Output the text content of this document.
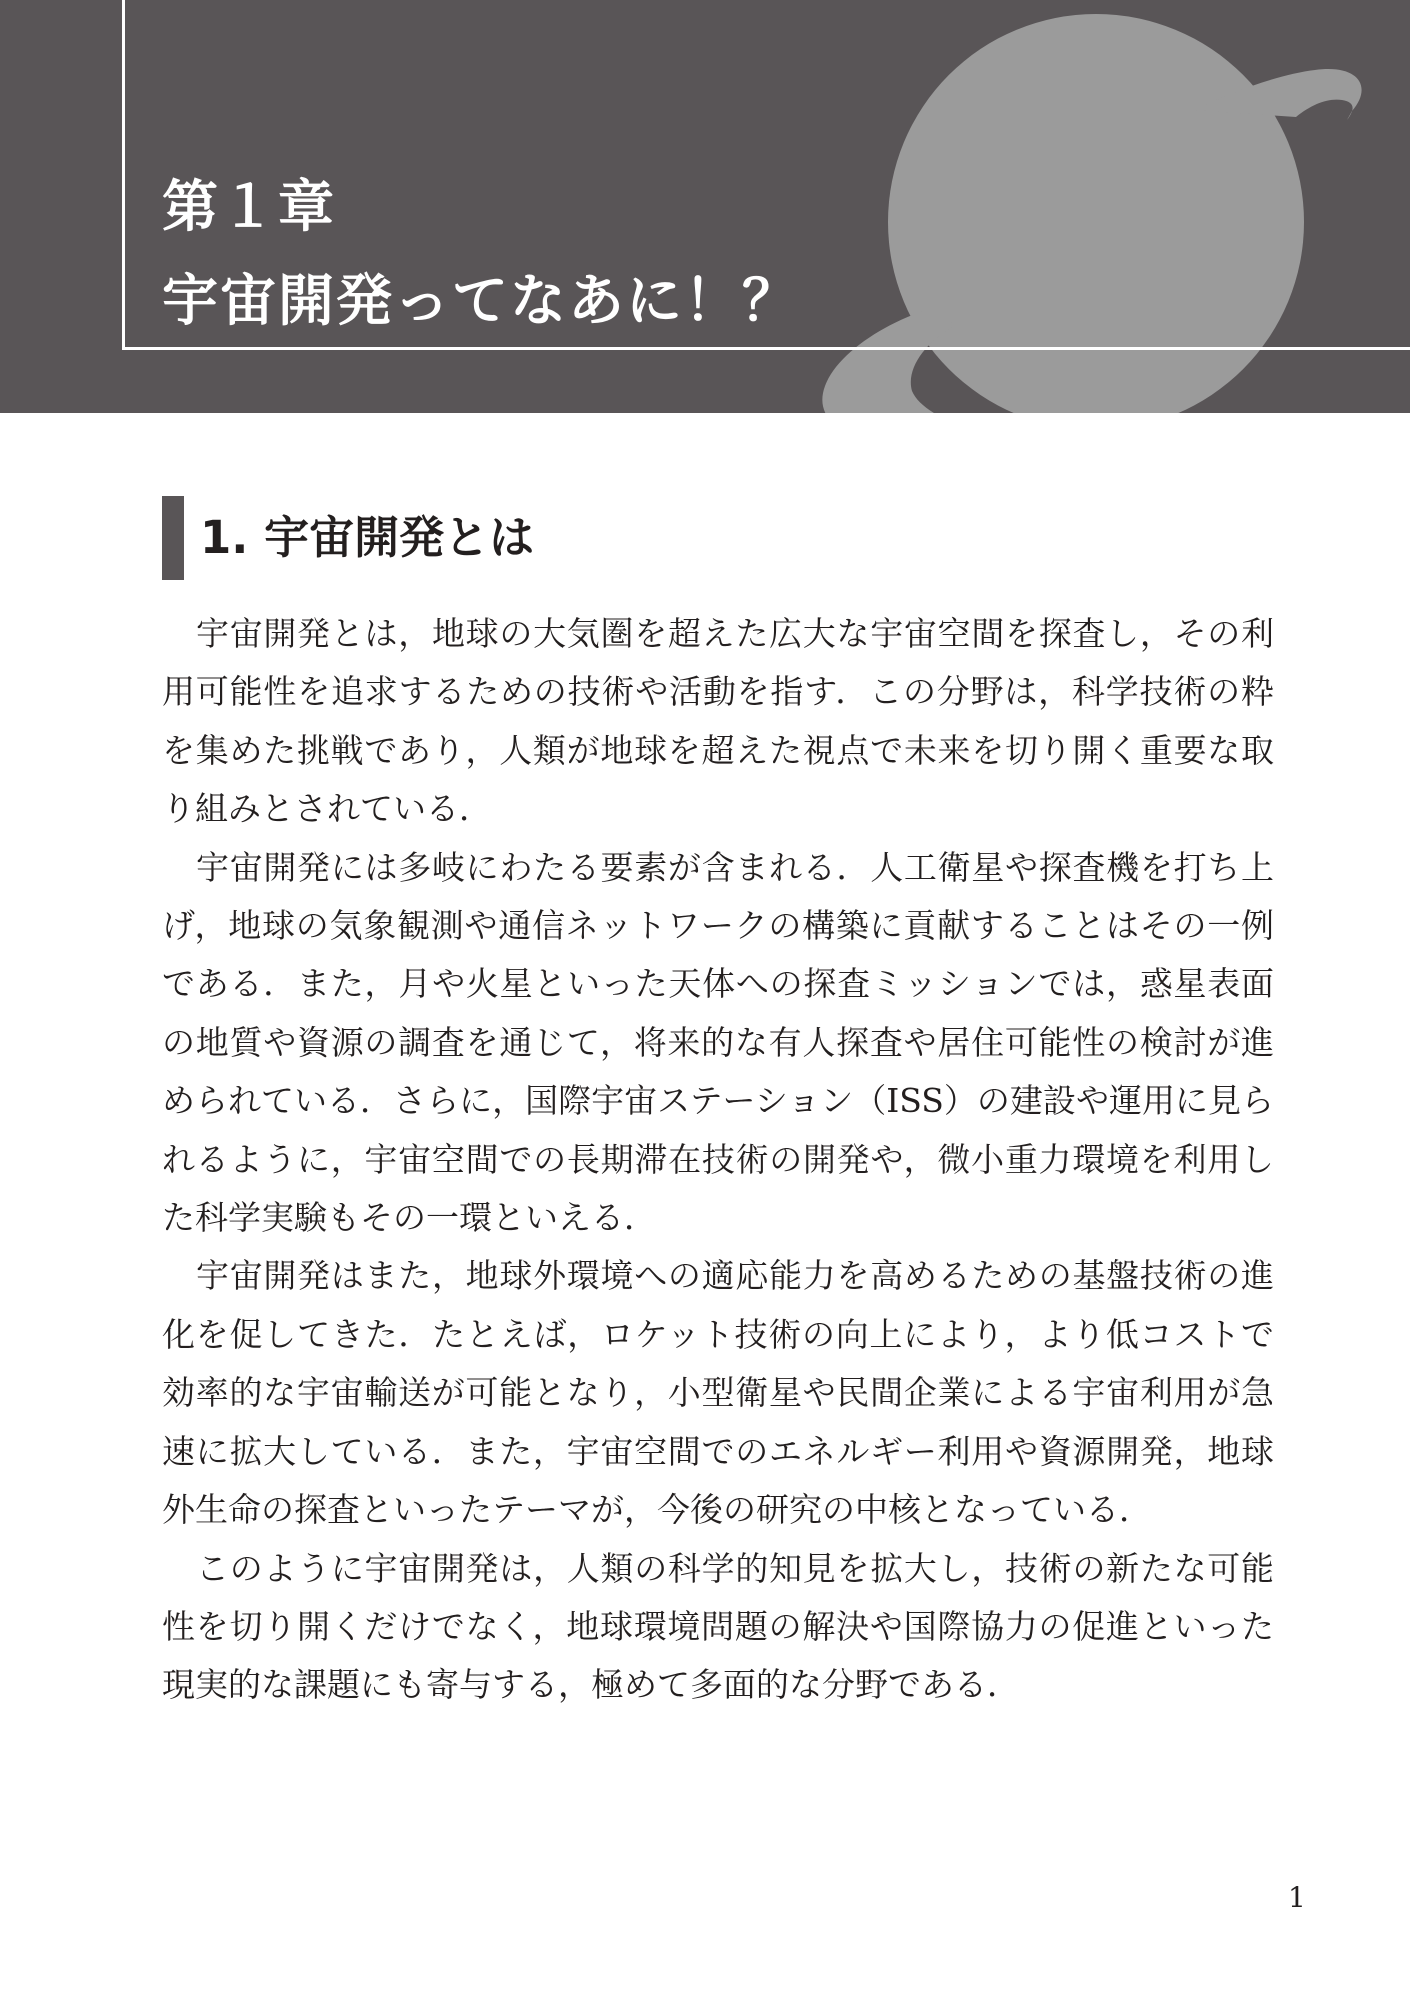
第１章
宇宙開発ってなあに！？
1. 宇宙開発とは

宇宙開発とは，地球の大気圏を超えた広大な宇宙空間を探査し，その利用可能性を追求するための技術や活動を指す．この分野は，科学技術の粋を集めた挑戦であり，人類が地球を超えた視点で未来を切り開く重要な取り組みとされている．

宇宙開発には多岐にわたる要素が含まれる．人工衛星や探査機を打ち上げ，地球の気象観測や通信ネットワークの構築に貢献することはその一例である．また，月や火星といった天体への探査ミッションでは，惑星表面の地質や資源の調査を通じて，将来的な有人探査や居住可能性の検討が進められている．さらに，国際宇宙ステーション（ISS）の建設や運用に見られるように，宇宙空間での長期滞在技術の開発や，微小重力環境を利用した科学実験もその一環といえる．

宇宙開発はまた，地球外環境への適応能力を高めるための基盤技術の進化を促してきた．たとえば，ロケット技術の向上により，より低コストで効率的な宇宙輸送が可能となり，小型衛星や民間企業による宇宙利用が急速に拡大している．また，宇宙空間でのエネルギー利用や資源開発，地球外生命の探査といったテーマが，今後の研究の中核となっている．

このように宇宙開発は，人類の科学的知見を拡大し，技術の新たな可能性を切り開くだけでなく，地球環境問題の解決や国際協力の促進といった現実的な課題にも寄与する，極めて多面的な分野である．

1
